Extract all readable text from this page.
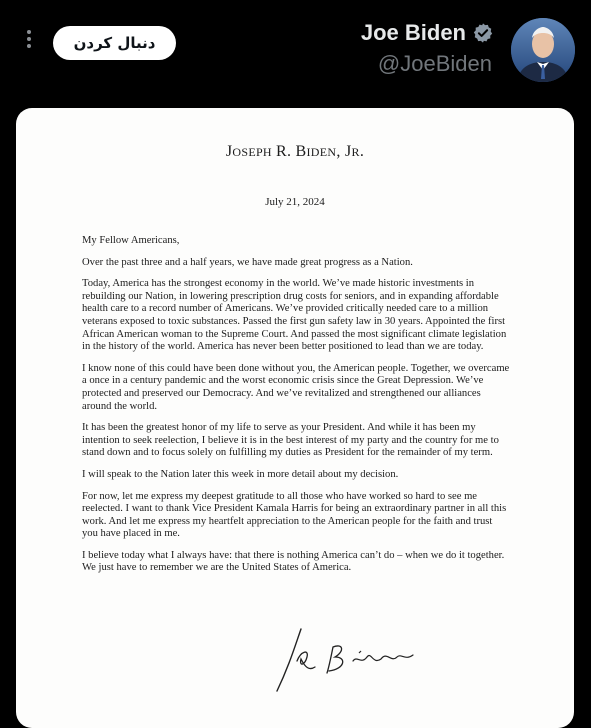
دنبال کردن	Joe Biden
@JoeBiden
JOSEPH R. BIDEN, JR.
July 21, 2024

My Fellow Americans,

Over the past three and a half years, we have made great progress as a Nation.

Today, America has the strongest economy in the world. We’ve made historic investments in rebuilding our Nation, in lowering prescription drug costs for seniors, and in expanding affordable health care to a record number of Americans. We’ve provided critically needed care to a million veterans exposed to toxic substances. Passed the first gun safety law in 30 years. Appointed the first African American woman to the Supreme Court. And passed the most significant climate legislation in the history of the world. America has never been better positioned to lead than we are today.

I know none of this could have been done without you, the American people. Together, we overcame a once in a century pandemic and the worst economic crisis since the Great Depression. We’ve protected and preserved our Democracy. And we’ve revitalized and strengthened our alliances around the world.

It has been the greatest honor of my life to serve as your President. And while it has been my intention to seek reelection, I believe it is in the best interest of my party and the country for me to stand down and to focus solely on fulfilling my duties as President for the remainder of my term.

I will speak to the Nation later this week in more detail about my decision.

For now, let me express my deepest gratitude to all those who have worked so hard to see me reelected. I want to thank Vice President Kamala Harris for being an extraordinary partner in all this work. And let me express my heartfelt appreciation to the American people for the faith and trust you have placed in me.

I believe today what I always have: that there is nothing America can’t do – when we do it together. We just have to remember we are the United States of America.
